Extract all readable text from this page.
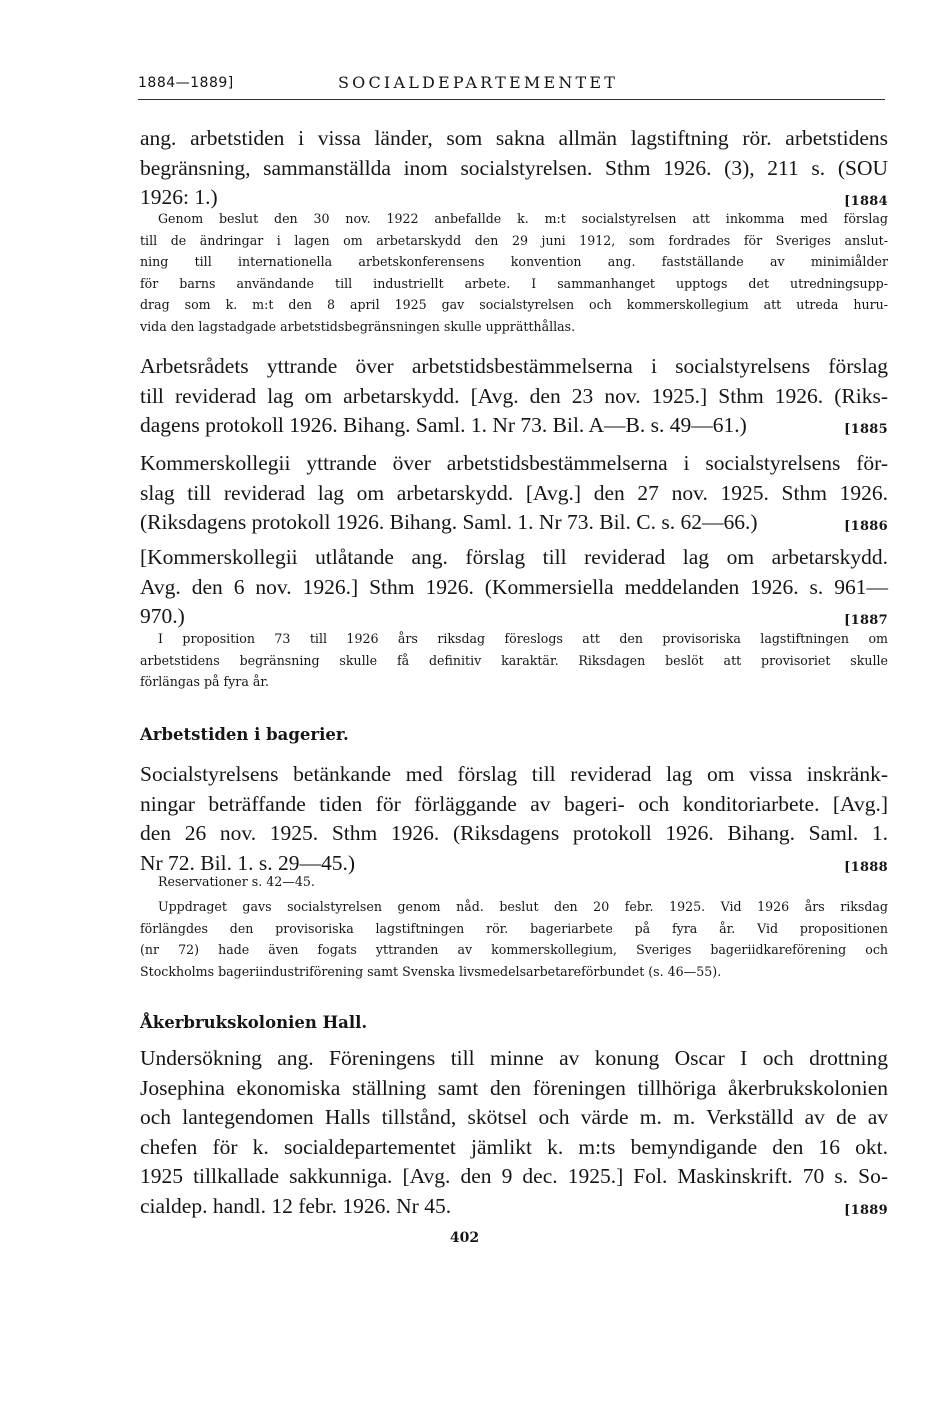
1884—1889]	SOCIALDEPARTEMENTET

ang. arbetstiden i vissa länder, som sakna allmän lagstiftning rör. arbetstidens
begränsning, sammanställda inom socialstyrelsen. Sthm 1926. (3), 211 s. (SOU
1926: 1.)	[1884

Genom beslut den 30 nov. 1922 anbefallde k. m:t socialstyrelsen att inkomma med förslag
till de ändringar i lagen om arbetarskydd den 29 juni 1912, som fordrades för Sveriges anslut-
ning till internationella arbetskonferensens konvention ang. fastställande av minimiålder
för barns användande till industriellt arbete. I sammanhanget upptogs det utredningsupp-
drag som k. m:t den 8 april 1925 gav socialstyrelsen och kommerskollegium att utreda huru-
vida den lagstadgade arbetstidsbegränsningen skulle upprätthållas.

Arbetsrådets yttrande över arbetstidsbestämmelserna i socialstyrelsens förslag
till reviderad lag om arbetarskydd. [Avg. den 23 nov. 1925.] Sthm 1926. (Riks-
dagens protokoll 1926. Bihang. Saml. 1. Nr 73. Bil. A—B. s. 49—61.)	[1885

Kommerskollegii yttrande över arbetstidsbestämmelserna i socialstyrelsens för-
slag till reviderad lag om arbetarskydd. [Avg.] den 27 nov. 1925. Sthm 1926.
(Riksdagens protokoll 1926. Bihang. Saml. 1. Nr 73. Bil. C. s. 62—66.)	[1886

[Kommerskollegii utlåtande ang. förslag till reviderad lag om arbetarskydd.
Avg. den 6 nov. 1926.] Sthm 1926. (Kommersiella meddelanden 1926. s. 961—
970.)	[1887

I proposition 73 till 1926 års riksdag föreslogs att den provisoriska lagstiftningen om
arbetstidens begränsning skulle få definitiv karaktär. Riksdagen beslöt att provisoriet skulle
förlängas på fyra år.

Arbetstiden i bagerier.

Socialstyrelsens betänkande med förslag till reviderad lag om vissa inskränk-
ningar beträffande tiden för förläggande av bageri- och konditoriarbete. [Avg.]
den 26 nov. 1925. Sthm 1926. (Riksdagens protokoll 1926. Bihang. Saml. 1.
Nr 72. Bil. 1. s. 29—45.)	[1888

Reservationer s. 42—45.

Uppdraget gavs socialstyrelsen genom nåd. beslut den 20 febr. 1925. Vid 1926 års riksdag
förlängdes den provisoriska lagstiftningen rör. bageriarbete på fyra år. Vid propositionen
(nr 72) hade även fogats yttranden av kommerskollegium, Sveriges bageriidkareförening och
Stockholms bageriindustriförening samt Svenska livsmedelsarbetareförbundet (s. 46—55).

Åkerbrukskolonien Hall.

Undersökning ang. Föreningens till minne av konung Oscar I och drottning
Josephina ekonomiska ställning samt den föreningen tillhöriga åkerbrukskolonien
och lantegendomen Halls tillstånd, skötsel och värde m. m. Verkställd av de av
chefen för k. socialdepartementet jämlikt k. m:ts bemyndigande den 16 okt.
1925 tillkallade sakkunniga. [Avg. den 9 dec. 1925.] Fol. Maskinskrift. 70 s. So-
cialdep. handl. 12 febr. 1926. Nr 45.	[1889

402
